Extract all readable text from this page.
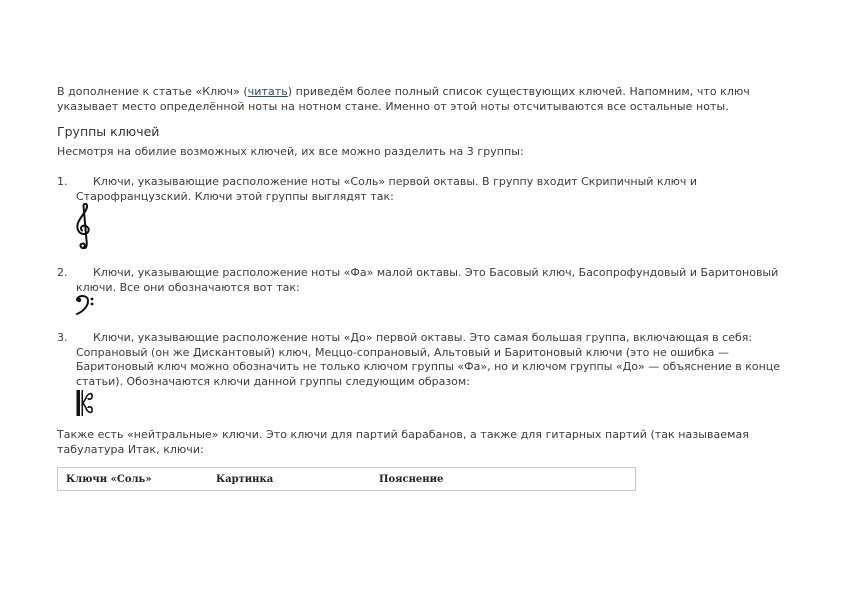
В дополнение к статье «Ключ» (читать) приведём более полный список существующих ключей. Напомним, что ключ указывает место определённой ноты на нотном стане. Именно от этой ноты отсчитываются все остальные ноты.
Группы ключей
Несмотря на обилие возможных ключей, их все можно разделить на 3 группы:
1.	Ключи, указывающие расположение ноты «Соль» первой октавы. В группу входит Скрипичный ключ и Старофранцузский. Ключи этой группы выглядят так:
2.	Ключи, указывающие расположение ноты «Фа» малой октавы. Это Басовый ключ, Басопрофундовый и Баритоновый ключи. Все они обозначаются вот так:
3.	Ключи, указывающие расположение ноты «До» первой октавы. Это самая большая группа, включающая в себя: Сопрановый (он же Дискантовый) ключ, Меццо-сопрановый, Альтовый и Баритоновый ключи (это не ошибка — Баритоновый ключ можно обозначить не только ключом группы «Фа», но и ключом группы «До» — объяснение в конце статьи). Обозначаются ключи данной группы следующим образом:
Также есть «нейтральные» ключи. Это ключи для партий барабанов, а также для гитарных партий (так называемая табулатура Итак, ключи:
Ключи «Соль»	Картинка	Пояснение
